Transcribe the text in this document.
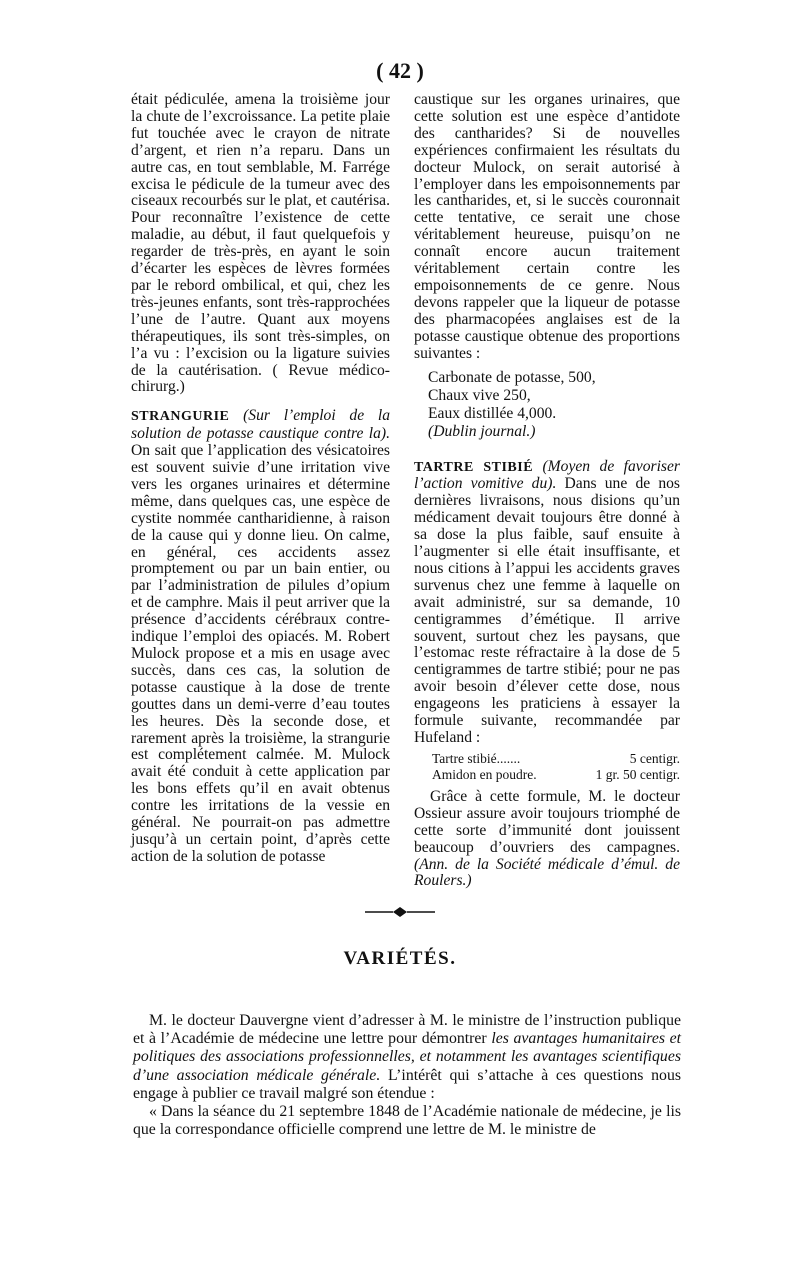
( 42 )

était pédiculée, amena la troisième jour la chute de l’excroissance. La petite plaie fut touchée avec le crayon de nitrate d’argent, et rien n’a reparu. Dans un autre cas, en tout semblable, M. Farrége excisa le pédicule de la tumeur avec des ciseaux recourbés sur le plat, et cautérisa. Pour reconnaître l’existence de cette maladie, au début, il faut quelquefois y regarder de très-près, en ayant le soin d’écarter les espèces de lèvres formées par le rebord ombilical, et qui, chez les très-jeunes enfants, sont très-rapprochées l’une de l’autre. Quant aux moyens thérapeutiques, ils sont très-simples, on l’a vu : l’excision ou la ligature suivies de la cautérisation. ( Revue médico-chirurg.)

STRANGURIE (Sur l’emploi de la solution de potasse caustique contre la). On sait que l’application des vésicatoires est souvent suivie d’une irritation vive vers les organes urinaires et détermine même, dans quelques cas, une espèce de cystite nommée cantharidienne, à raison de la cause qui y donne lieu. On calme, en général, ces accidents assez promptement ou par un bain entier, ou par l’administration de pilules d’opium et de camphre. Mais il peut arriver que la présence d’accidents cérébraux contre-indique l’emploi des opiacés. M. Robert Mulock propose et a mis en usage avec succès, dans ces cas, la solution de potasse caustique à la dose de trente gouttes dans un demi-verre d’eau toutes les heures. Dès la seconde dose, et rarement après la troisième, la strangurie est complétement calmée. M. Mulock avait été conduit à cette application par les bons effets qu’il en avait obtenus contre les irritations de la vessie en général. Ne pourrait-on pas admettre jusqu’à un certain point, d’après cette action de la solution de potasse

caustique sur les organes urinaires, que cette solution est une espèce d’antidote des cantharides? Si de nouvelles expériences confirmaient les résultats du docteur Mulock, on serait autorisé à l’employer dans les empoisonnements par les cantharides, et, si le succès couronnait cette tentative, ce serait une chose véritablement heureuse, puisqu’on ne connaît encore aucun traitement véritablement certain contre les empoisonnements de ce genre. Nous devons rappeler que la liqueur de potasse des pharmacopées anglaises est de la potasse caustique obtenue des proportions suivantes :

Carbonate de potasse, 500,
Chaux vive 250,
Eaux distillée 4,000.
(Dublin journal.)

TARTRE STIBIÉ (Moyen de favoriser l’action vomitive du). Dans une de nos dernières livraisons, nous disions qu’un médicament devait toujours être donné à sa dose la plus faible, sauf ensuite à l’augmenter si elle était insuffisante, et nous citions à l’appui les accidents graves survenus chez une femme à laquelle on avait administré, sur sa demande, 10 centigrammes d’émétique. Il arrive souvent, surtout chez les paysans, que l’estomac reste réfractaire à la dose de 5 centigrammes de tartre stibié; pour ne pas avoir besoin d’élever cette dose, nous engageons les praticiens à essayer la formule suivante, recommandée par Hufeland :

Tartre stibié.......	5 centigr.
Amidon en poudre.	1 gr. 50 centigr.

Grâce à cette formule, M. le docteur Ossieur assure avoir toujours triomphé de cette sorte d’immunité dont jouissent beaucoup d’ouvriers des campagnes. (Ann. de la Société médicale d’émul. de Roulers.)

VARIÉTÉS.

M. le docteur Dauvergne vient d’adresser à M. le ministre de l’instruction publique et à l’Académie de médecine une lettre pour démontrer les avantages humanitaires et politiques des associations professionnelles, et notamment les avantages scientifiques d’une association médicale générale. L’intérêt qui s’attache à ces questions nous engage à publier ce travail malgré son étendue :

« Dans la séance du 21 septembre 1848 de l’Académie nationale de médecine, je lis que la correspondance officielle comprend une lettre de M. le ministre de
